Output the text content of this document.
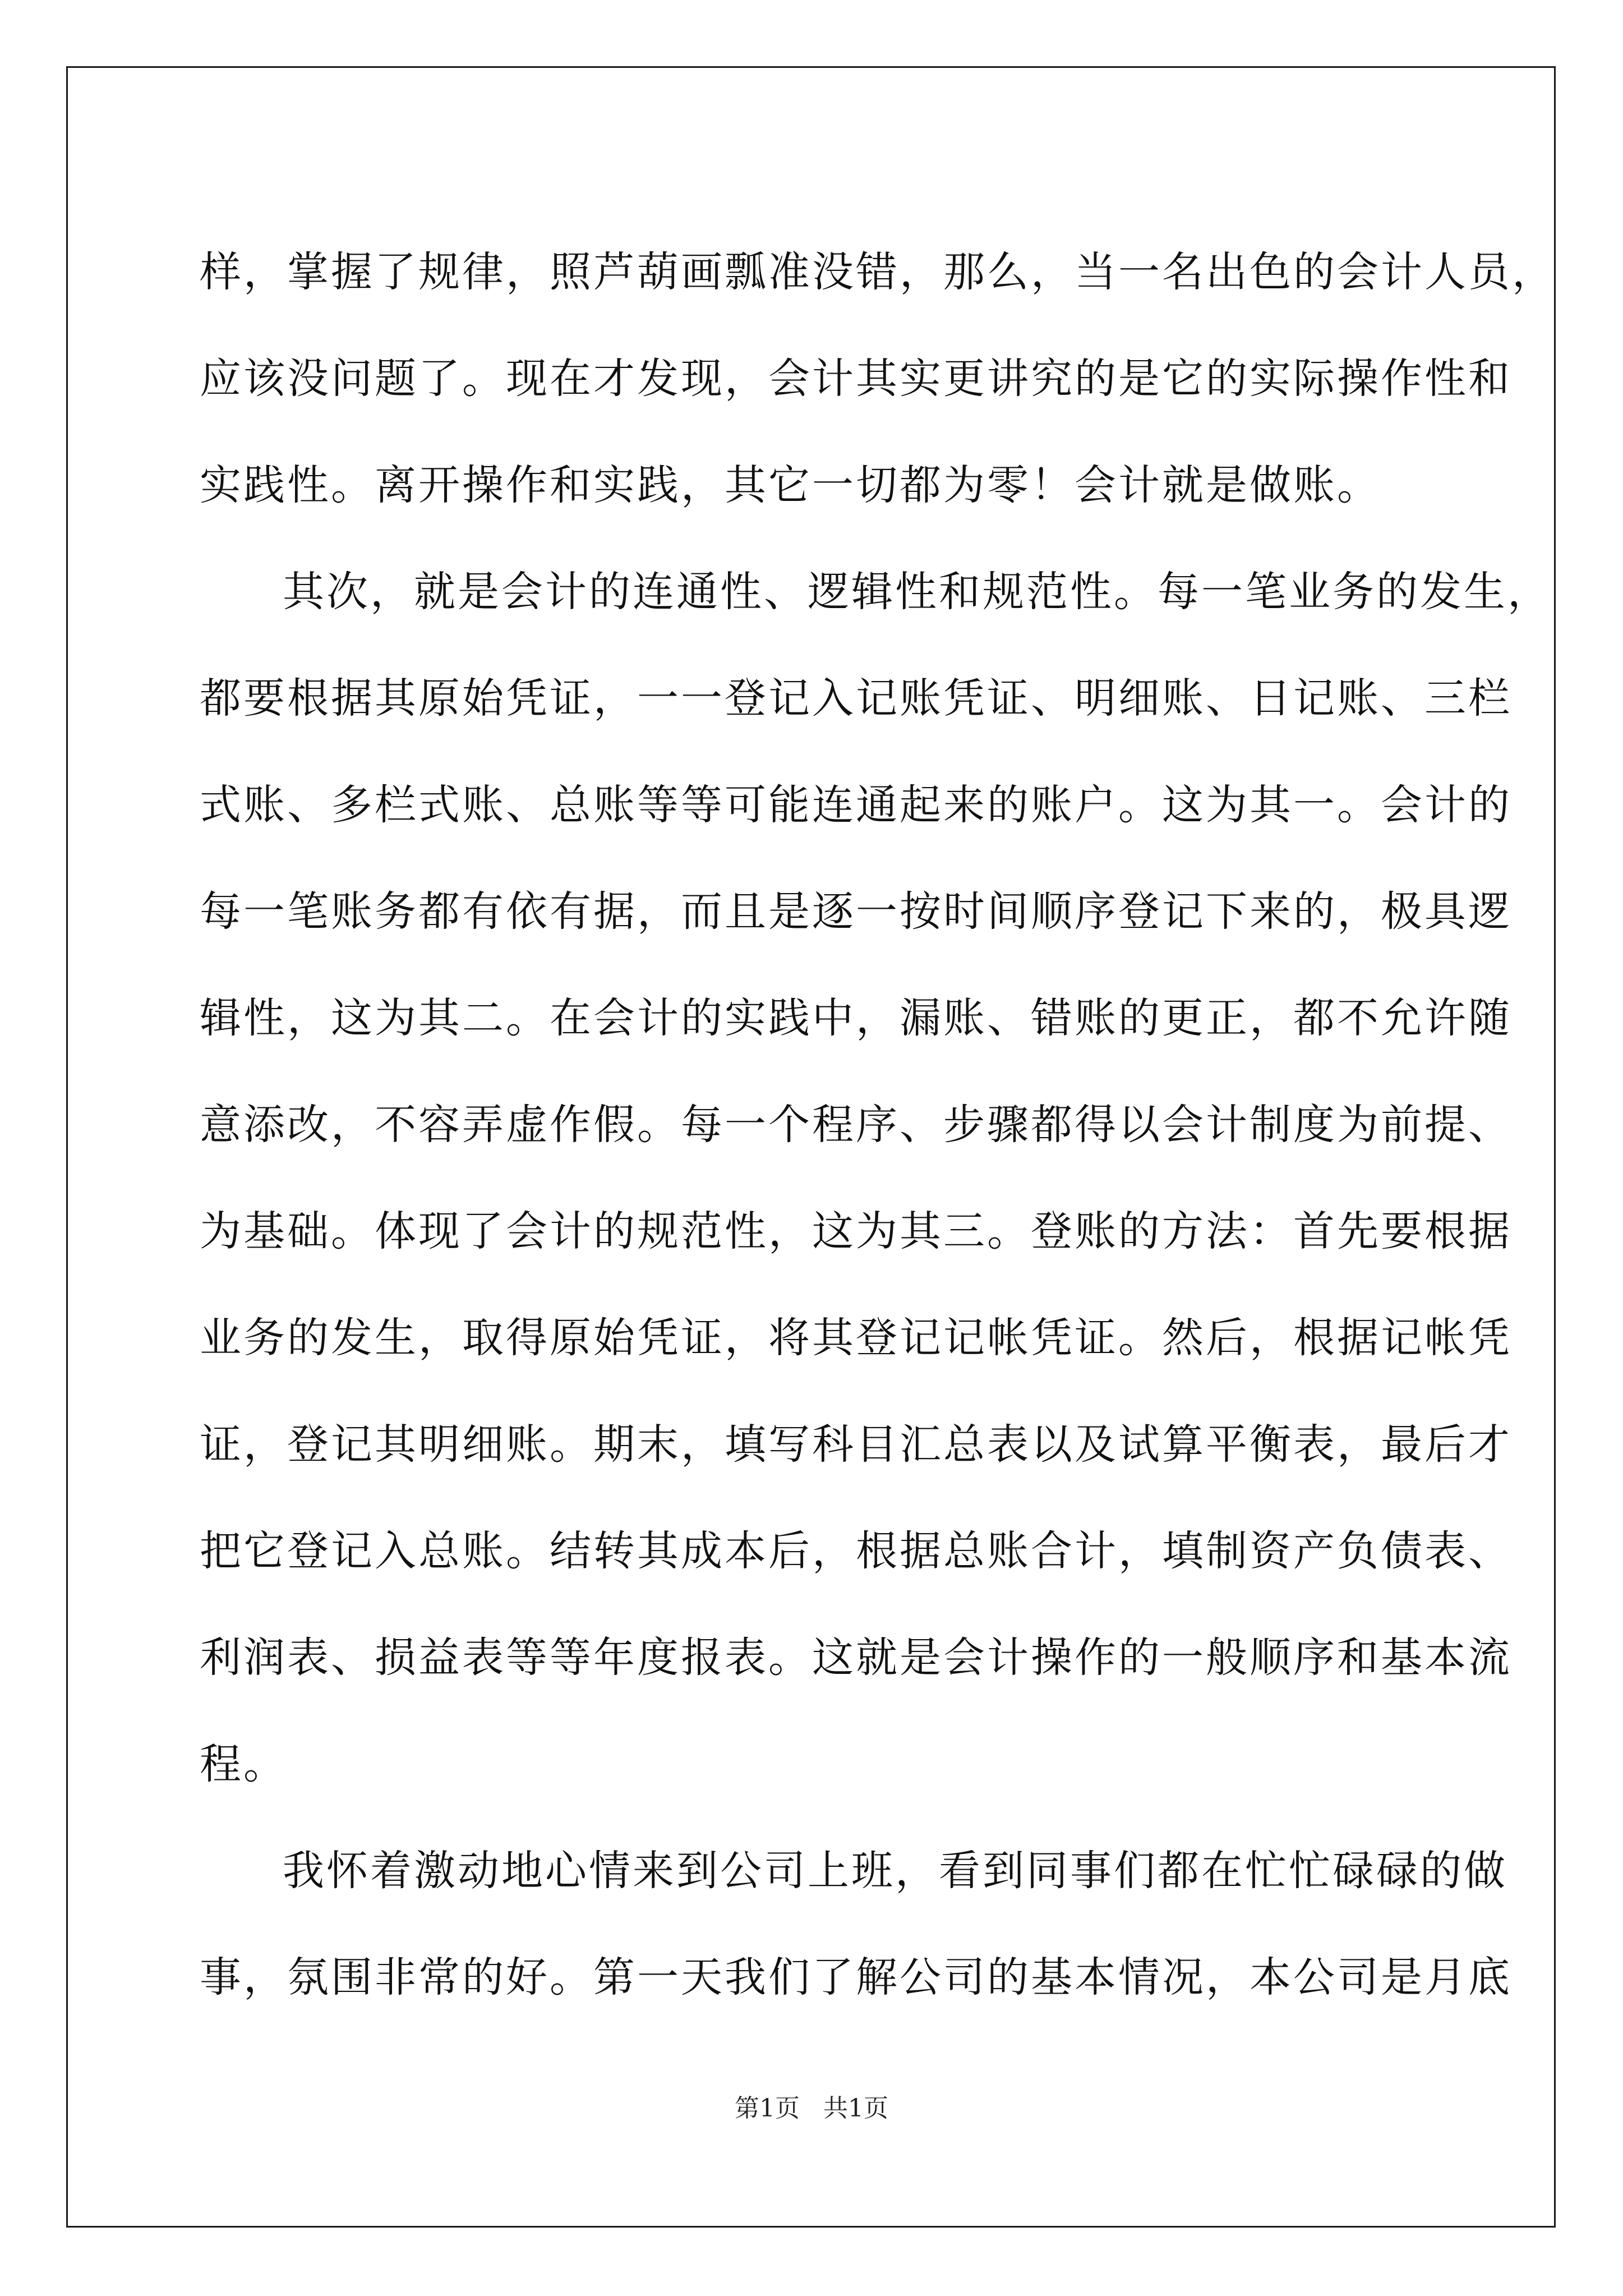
样，掌握了规律，照芦葫画瓢准没错，那么，当一名出色的会计人员，
应该没问题了。现在才发现，会计其实更讲究的是它的实际操作性和
实践性。离开操作和实践，其它一切都为零！会计就是做账。
其次，就是会计的连通性、逻辑性和规范性。每一笔业务的发生，
都要根据其原始凭证，一一登记入记账凭证、明细账、日记账、三栏
式账、多栏式账、总账等等可能连通起来的账户。这为其一。会计的
每一笔账务都有依有据，而且是逐一按时间顺序登记下来的，极具逻
辑性，这为其二。在会计的实践中，漏账、错账的更正，都不允许随
意添改，不容弄虚作假。每一个程序、步骤都得以会计制度为前提、
为基础。体现了会计的规范性，这为其三。登账的方法：首先要根据
业务的发生，取得原始凭证，将其登记记帐凭证。然后，根据记帐凭
证，登记其明细账。期末，填写科目汇总表以及试算平衡表，最后才
把它登记入总账。结转其成本后，根据总账合计，填制资产负债表、
利润表、损益表等等年度报表。这就是会计操作的一般顺序和基本流
程。
我怀着激动地心情来到公司上班，看到同事们都在忙忙碌碌的做
事，氛围非常的好。第一天我们了解公司的基本情况，本公司是月底
第1页 共1页
